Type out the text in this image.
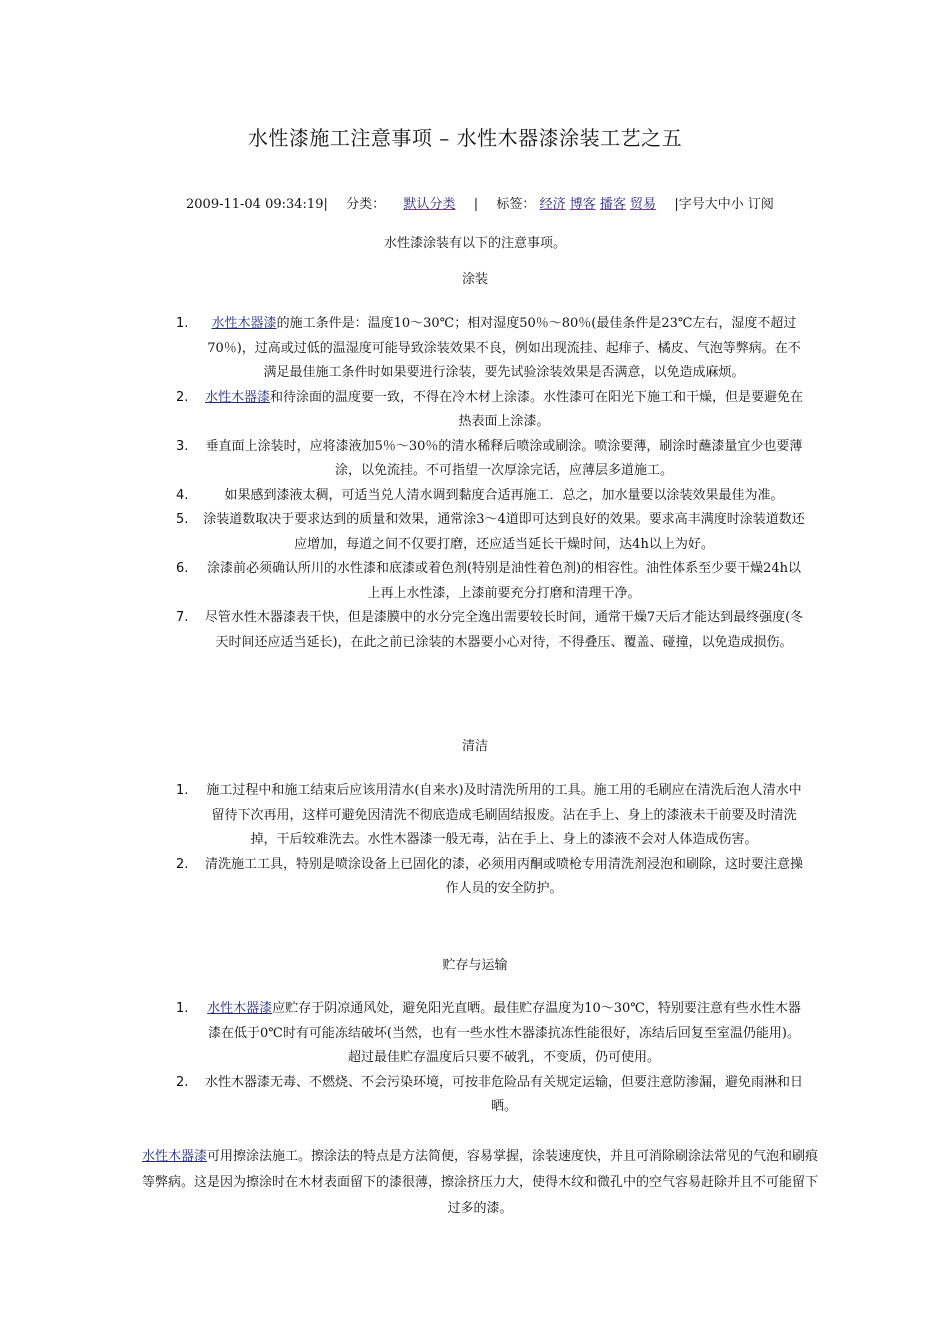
水性漆施工注意事项 – 水性木器漆涂装工艺之五
2009-11-04 09:34:19| 分类： 默认分类 | 标签： 经济 博客 播客 贸易 |字号大中小 订阅
水性漆涂装有以下的注意事项。
涂装
1.	水性木器漆的施工条件是：温度10～30℃；相对湿度50％～80％(最佳条件是23℃左右，湿度不超过70％)，过高或过低的温湿度可能导致涂装效果不良，例如出现流挂、起痱子、橘皮、气泡等弊病。在不满足最佳施工条件时如果要进行涂装，要先试验涂装效果是否满意，以免造成麻烦。
2.	水性木器漆和待涂面的温度要一致，不得在冷木材上涂漆。水性漆可在阳光下施工和干燥，但是要避免在热表面上涂漆。
3.	垂直面上涂装时，应将漆液加5％～30％的清水稀释后喷涂或刷涂。喷涂要薄，刷涂时蘸漆量宜少也要薄涂，以免流挂。不可指望一次厚涂完话，应薄层多道施工。
4.	如果感到漆液太稠，可适当兑人清水调到黏度合适再施工．总之，加水量要以涂装效果最佳为准。
5.	涂装道数取决于要求达到的质量和效果，通常涂3～4道即可达到良好的效果。要求高丰满度时涂装道数还应增加，每道之间不仅要打磨，还应适当延长干燥时间，达4h以上为好。
6.	涂漆前必须确认所川的水性漆和底漆或着色剂(特别是油性着色剂)的相容性。油性体系至少要干燥24h以上再上水性漆，上漆前要充分打磨和清理干净。
7.	尽管水性木器漆表干快，但是漆膜中的水分完全逸出需要较长时间，通常干燥7天后才能达到最终强度(冬天时间还应适当延长)，在此之前已涂装的木器要小心对待，不得叠压、覆盖、碰撞，以免造成损伤。
清洁
1.	施工过程中和施工结束后应该用清水(自来水)及时清洗所用的工具。施工用的毛刷应在清洗后泡人清水中留待下次再用，这样可避免因清洗不彻底造成毛刷固结报废。沾在手上、身上的漆液未干前要及时清洗掉，干后较难洗去。水性木器漆一般无毒，沾在手上、身上的漆液不会对人体造成伤害。
2.	清洗施工工具，特别是喷涂设备上已固化的漆，必须用丙酮或喷枪专用清洗剂浸泡和刷除，这时要注意操作人员的安全防护。
贮存与运输
1.	水性木器漆应贮存于阴凉通风处，避免阳光直晒。最佳贮存温度为10～30℃，特别要注意有些水性木器漆在低于0℃时有可能冻结破坏(当然，也有一些水性木器漆抗冻性能很好，冻结后回复至室温仍能用)。超过最佳贮存温度后只要不破乳，不变质，仍可使用。
2.	水性木器漆无毒、不燃烧、不会污染环境，可按非危险品有关规定运输，但要注意防渗漏，避免雨淋和日晒。
水性木器漆可用擦涂法施工。擦涂法的特点是方法简便，容易掌握，涂装速度快，并且可消除刷涂法常见的气泡和刷痕等弊病。这是因为擦涂时在木材表面留下的漆很薄，擦涂挤压力大，使得木纹和微孔中的空气容易赶除并且不可能留下过多的漆。
